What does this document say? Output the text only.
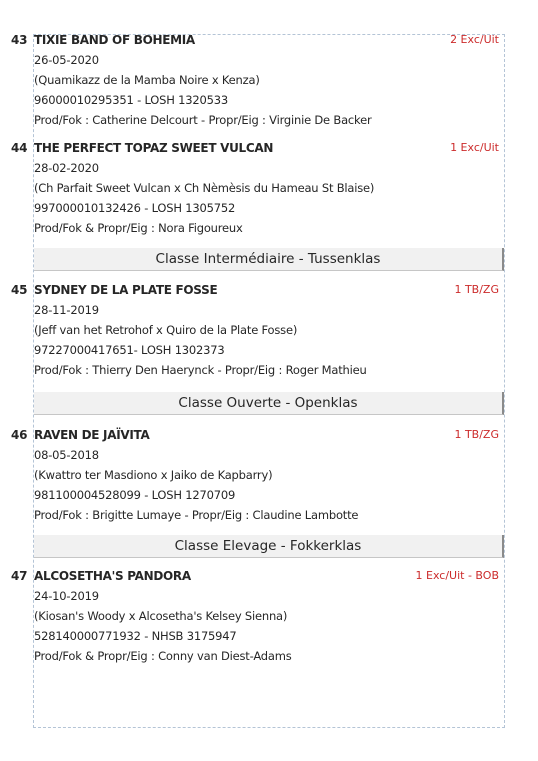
43 TIXIE BAND OF BOHEMIA	2 Exc/Uit
26-05-2020
(Quamikazz de la Mamba Noire x Kenza)
96000010295351 - LOSH 1320533
Prod/Fok : Catherine Delcourt - Propr/Eig : Virginie De Backer
44 THE PERFECT TOPAZ SWEET VULCAN	1 Exc/Uit
28-02-2020
(Ch Parfait Sweet Vulcan x Ch Nèmèsis du Hameau St Blaise)
997000010132426 - LOSH 1305752
Prod/Fok & Propr/Eig : Nora Figoureux
Classe Intermédiaire - Tussenklas
45 SYDNEY DE LA PLATE FOSSE	1 TB/ZG
28-11-2019
(Jeff van het Retrohof x Quiro de la Plate Fosse)
97227000417651- LOSH 1302373
Prod/Fok : Thierry Den Haerynck - Propr/Eig : Roger Mathieu
Classe Ouverte - Openklas
46 RAVEN DE JAÏVITA	1 TB/ZG
08-05-2018
(Kwattro ter Masdiono x Jaiko de Kapbarry)
981100004528099 - LOSH 1270709
Prod/Fok : Brigitte Lumaye - Propr/Eig : Claudine Lambotte
Classe Elevage - Fokkerklas
47 ALCOSETHA'S PANDORA	1 Exc/Uit - BOB
24-10-2019
(Kiosan's Woody x Alcosetha's Kelsey Sienna)
528140000771932 - NHSB 3175947
Prod/Fok & Propr/Eig : Conny van Diest-Adams
